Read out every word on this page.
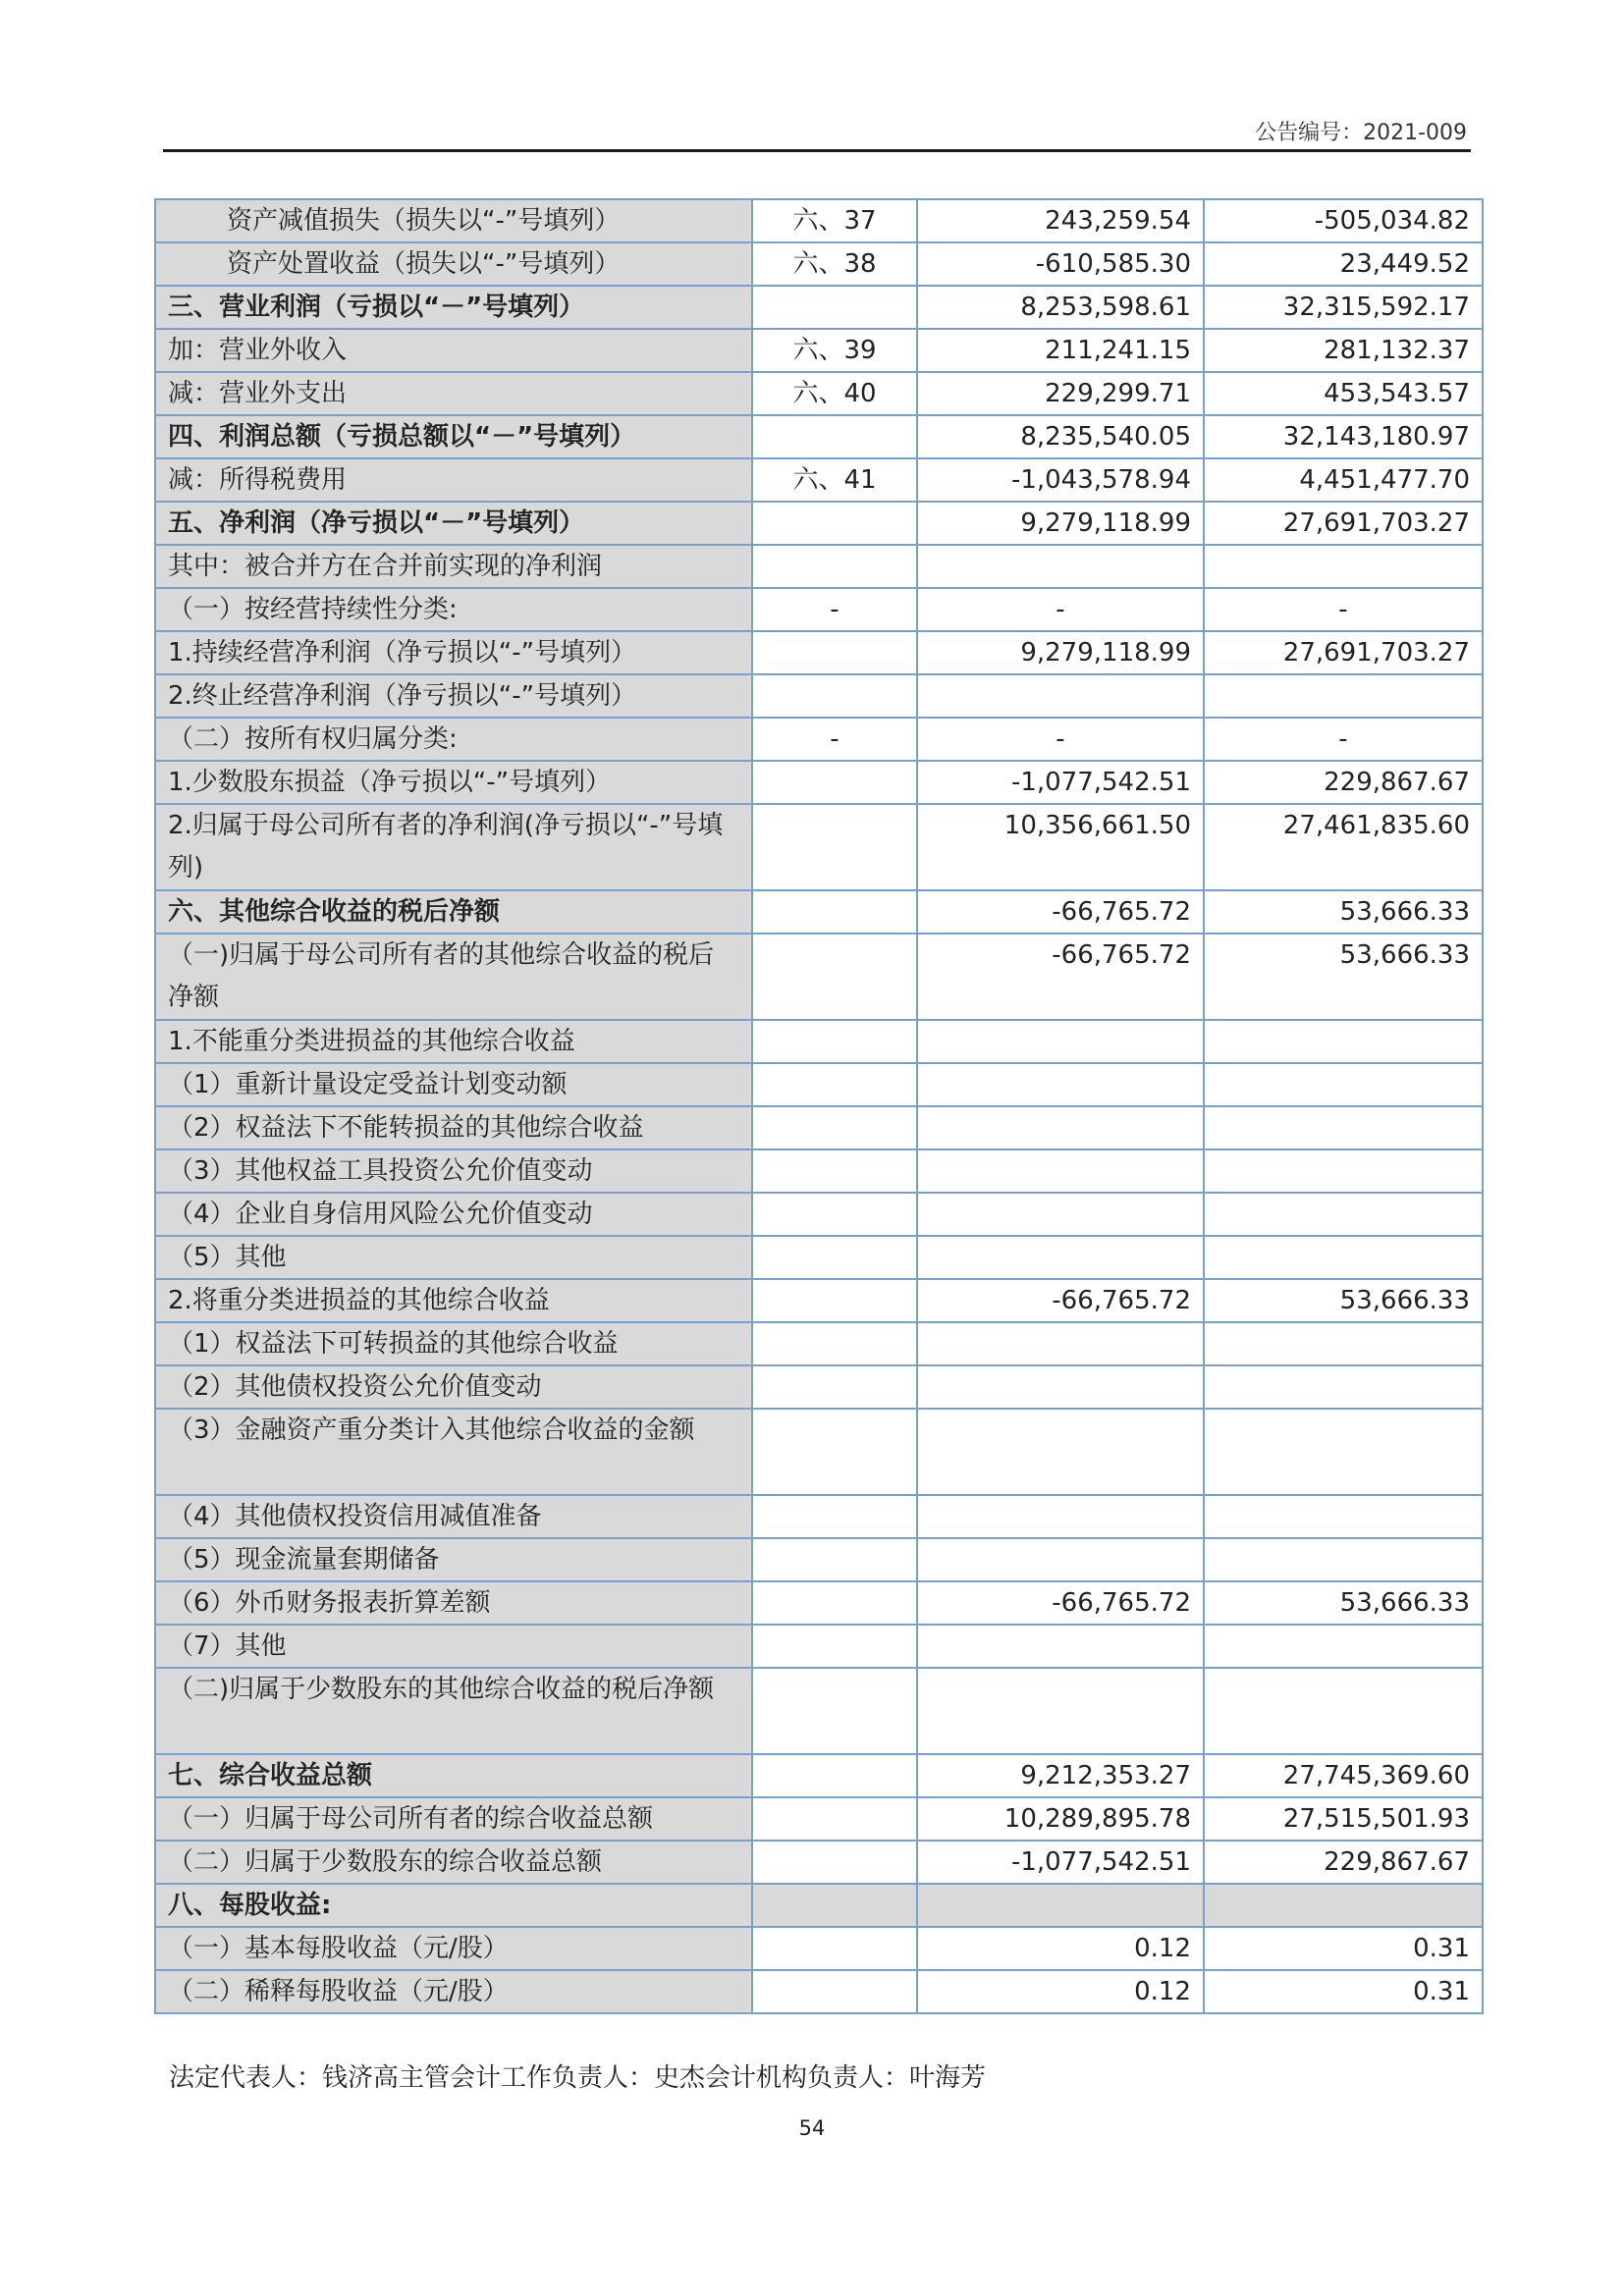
公告编号：2021-009
资产减值损失（损失以“-”号填列）	六、37	243,259.54	-505,034.82
资产处置收益（损失以“-”号填列）	六、38	-610,585.30	23,449.52
三、营业利润（亏损以“－”号填列）		8,253,598.61	32,315,592.17
加：营业外收入	六、39	211,241.15	281,132.37
减：营业外支出	六、40	229,299.71	453,543.57
四、利润总额（亏损总额以“－”号填列）		8,235,540.05	32,143,180.97
减：所得税费用	六、41	-1,043,578.94	4,451,477.70
五、净利润（净亏损以“－”号填列）		9,279,118.99	27,691,703.27
其中：被合并方在合并前实现的净利润			
（一）按经营持续性分类:	-	-	-
1.持续经营净利润（净亏损以“-”号填列）		9,279,118.99	27,691,703.27
2.终止经营净利润（净亏损以“-”号填列）			
（二）按所有权归属分类:	-	-	-
1.少数股东损益（净亏损以“-”号填列）		-1,077,542.51	229,867.67
2.归属于母公司所有者的净利润(净亏损以“-”号填列)		10,356,661.50	27,461,835.60
六、其他综合收益的税后净额		-66,765.72	53,666.33
（一)归属于母公司所有者的其他综合收益的税后净额		-66,765.72	53,666.33
1.不能重分类进损益的其他综合收益			
（1）重新计量设定受益计划变动额			
（2）权益法下不能转损益的其他综合收益			
（3）其他权益工具投资公允价值变动			
（4）企业自身信用风险公允价值变动			
（5）其他			
2.将重分类进损益的其他综合收益		-66,765.72	53,666.33
（1）权益法下可转损益的其他综合收益			
（2）其他债权投资公允价值变动			
（3）金融资产重分类计入其他综合收益的金额			
（4）其他债权投资信用减值准备			
（5）现金流量套期储备			
（6）外币财务报表折算差额		-66,765.72	53,666.33
（7）其他			
（二)归属于少数股东的其他综合收益的税后净额			
七、综合收益总额		9,212,353.27	27,745,369.60
（一）归属于母公司所有者的综合收益总额		10,289,895.78	27,515,501.93
（二）归属于少数股东的综合收益总额		-1,077,542.51	229,867.67
八、每股收益:			
（一）基本每股收益（元/股）		0.12	0.31
（二）稀释每股收益（元/股）		0.12	0.31
法定代表人：钱济高主管会计工作负责人：史杰会计机构负责人：叶海芳
54
